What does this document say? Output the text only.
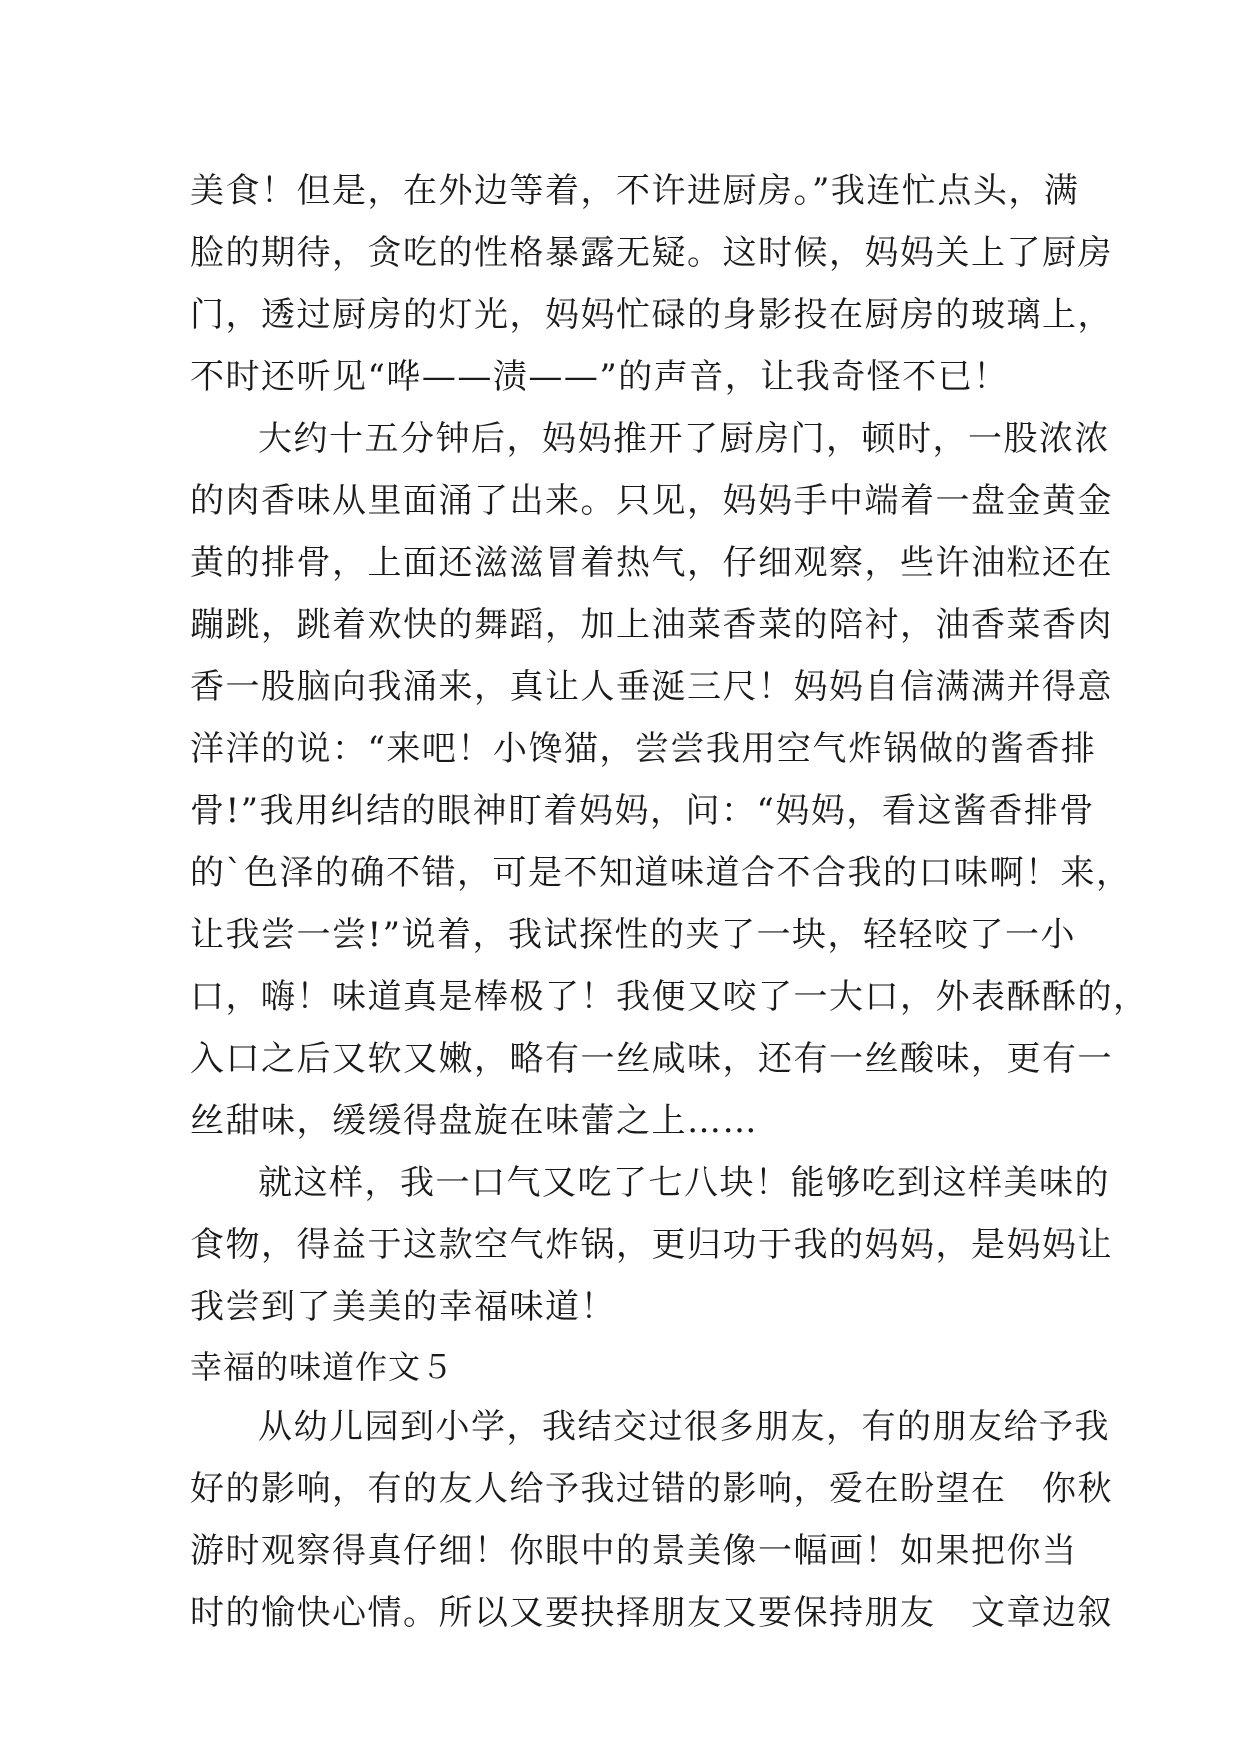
美食！但是，在外边等着，不许进厨房。”我连忙点头，满
脸的期待，贪吃的性格暴露无疑。这时候，妈妈关上了厨房
门，透过厨房的灯光，妈妈忙碌的身影投在厨房的玻璃上，
不时还听见“哗——渍——”的声音，让我奇怪不已！
大约十五分钟后，妈妈推开了厨房门，顿时，一股浓浓
的肉香味从里面涌了出来。只见，妈妈手中端着一盘金黄金
黄的排骨，上面还滋滋冒着热气，仔细观察，些许油粒还在
蹦跳，跳着欢快的舞蹈，加上油菜香菜的陪衬，油香菜香肉
香一股脑向我涌来，真让人垂涎三尺！妈妈自信满满并得意
洋洋的说：“来吧！小馋猫，尝尝我用空气炸锅做的酱香排
骨!”我用纠结的眼神盯着妈妈，问：“妈妈，看这酱香排骨
的`色泽的确不错，可是不知道味道合不合我的口味啊！来，
让我尝一尝!”说着，我试探性的夹了一块，轻轻咬了一小
口，嗨！味道真是棒极了！我便又咬了一大口，外表酥酥的，
入口之后又软又嫩，略有一丝咸味，还有一丝酸味，更有一
丝甜味，缓缓得盘旋在味蕾之上……
就这样，我一口气又吃了七八块！能够吃到这样美味的
食物，得益于这款空气炸锅，更归功于我的妈妈，是妈妈让
我尝到了美美的幸福味道！
幸福的味道作文５
从幼儿园到小学，我结交过很多朋友，有的朋友给予我
好的影响，有的友人给予我过错的影响，爱在盼望在　你秋
游时观察得真仔细！你眼中的景美像一幅画！如果把你当
时的愉快心情。所以又要抉择朋友又要保持朋友　文章边叙
